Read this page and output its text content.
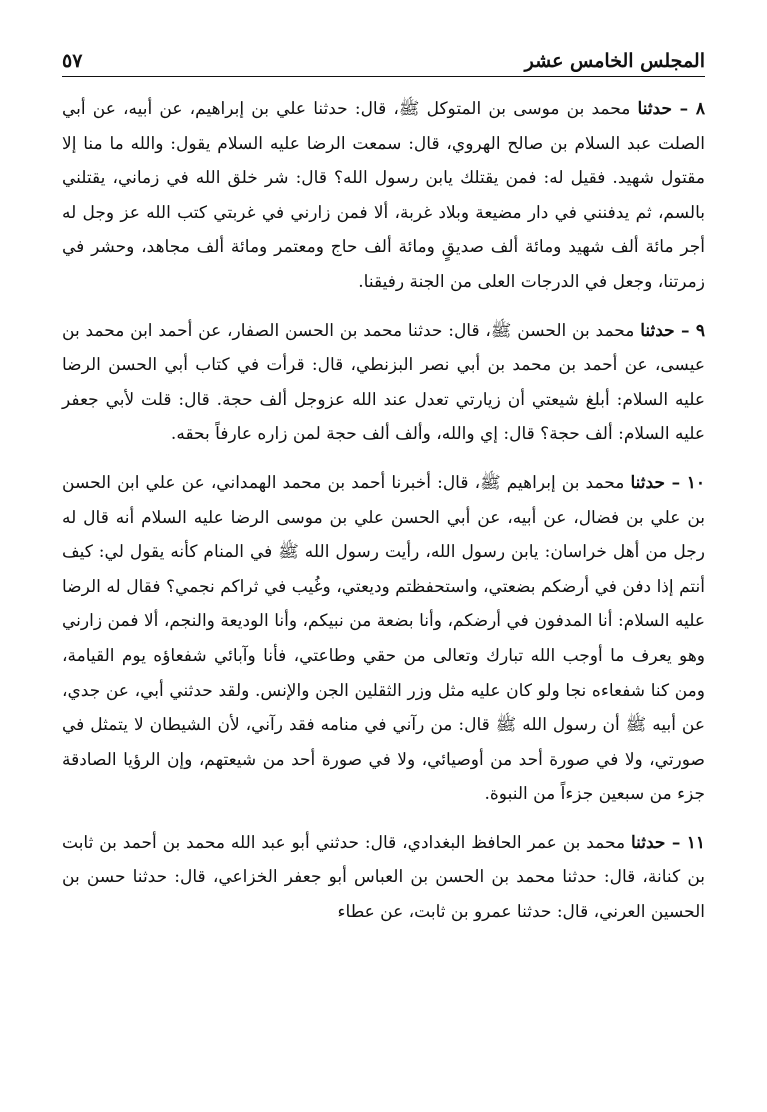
المجلس الخامس عشر
٥٧

٨ – حدثنا محمد بن موسى بن المتوكل ﷺ، قال: حدثنا علي بن إبراهيم، عن أبيه، عن أبي الصلت عبد السلام بن صالح الهروي، قال: سمعت الرضا عليه السلام يقول: والله ما منا إلا مقتول شهيد. فقيل له: فمن يقتلك يابن رسول الله؟ قال: شر خلق الله في زماني، يقتلني بالسم، ثم يدفنني في دار مضيعة وبلاد غربة، ألا فمن زارني في غربتي كتب الله عز وجل له أجر مائة ألف شهيد ومائة ألف صديقٍ ومائة ألف حاج ومعتمر ومائة ألف مجاهد، وحشر في زمرتنا، وجعل في الدرجات العلى من الجنة رفيقنا.

٩ – حدثنا محمد بن الحسن ﷺ، قال: حدثنا محمد بن الحسن الصفار، عن أحمد ابن محمد بن عيسى، عن أحمد بن محمد بن أبي نصر البزنطي، قال: قرأت في كتاب أبي الحسن الرضا عليه السلام: أبلغ شيعتي أن زيارتي تعدل عند الله عزوجل ألف حجة. قال: قلت لأبي جعفر عليه السلام: ألف حجة؟ قال: إي والله، وألف ألف حجة لمن زاره عارفاً بحقه.

١٠ – حدثنا محمد بن إبراهيم ﷺ، قال: أخبرنا أحمد بن محمد الهمداني، عن علي ابن الحسن بن علي بن فضال، عن أبيه، عن أبي الحسن علي بن موسى الرضا عليه السلام أنه قال له رجل من أهل خراسان: يابن رسول الله، رأيت رسول الله ﷺ في المنام كأنه يقول لي: كيف أنتم إذا دفن في أرضكم بضعتي، واستحفظتم وديعتي، وغُيب في ثراكم نجمي؟ فقال له الرضا عليه السلام: أنا المدفون في أرضكم، وأنا بضعة من نبيكم، وأنا الوديعة والنجم، ألا فمن زارني وهو يعرف ما أوجب الله تبارك وتعالى من حقي وطاعتي، فأنا وآبائي شفعاؤه يوم القيامة، ومن كنا شفعاءه نجا ولو كان عليه مثل وزر الثقلين الجن والإنس. ولقد حدثني أبي، عن جدي، عن أبيه ﷺ أن رسول الله ﷺ قال: من رآني في منامه فقد رآني، لأن الشيطان لا يتمثل في صورتي، ولا في صورة أحد من أوصيائي، ولا في صورة أحد من شيعتهم، وإن الرؤيا الصادقة جزء من سبعين جزءاً من النبوة.

١١ – حدثنا محمد بن عمر الحافظ البغدادي، قال: حدثني أبو عبد الله محمد بن أحمد بن ثابت بن كنانة، قال: حدثنا محمد بن الحسن بن العباس أبو جعفر الخزاعي، قال: حدثنا حسن بن الحسين العرني، قال: حدثنا عمرو بن ثابت، عن عطاء
